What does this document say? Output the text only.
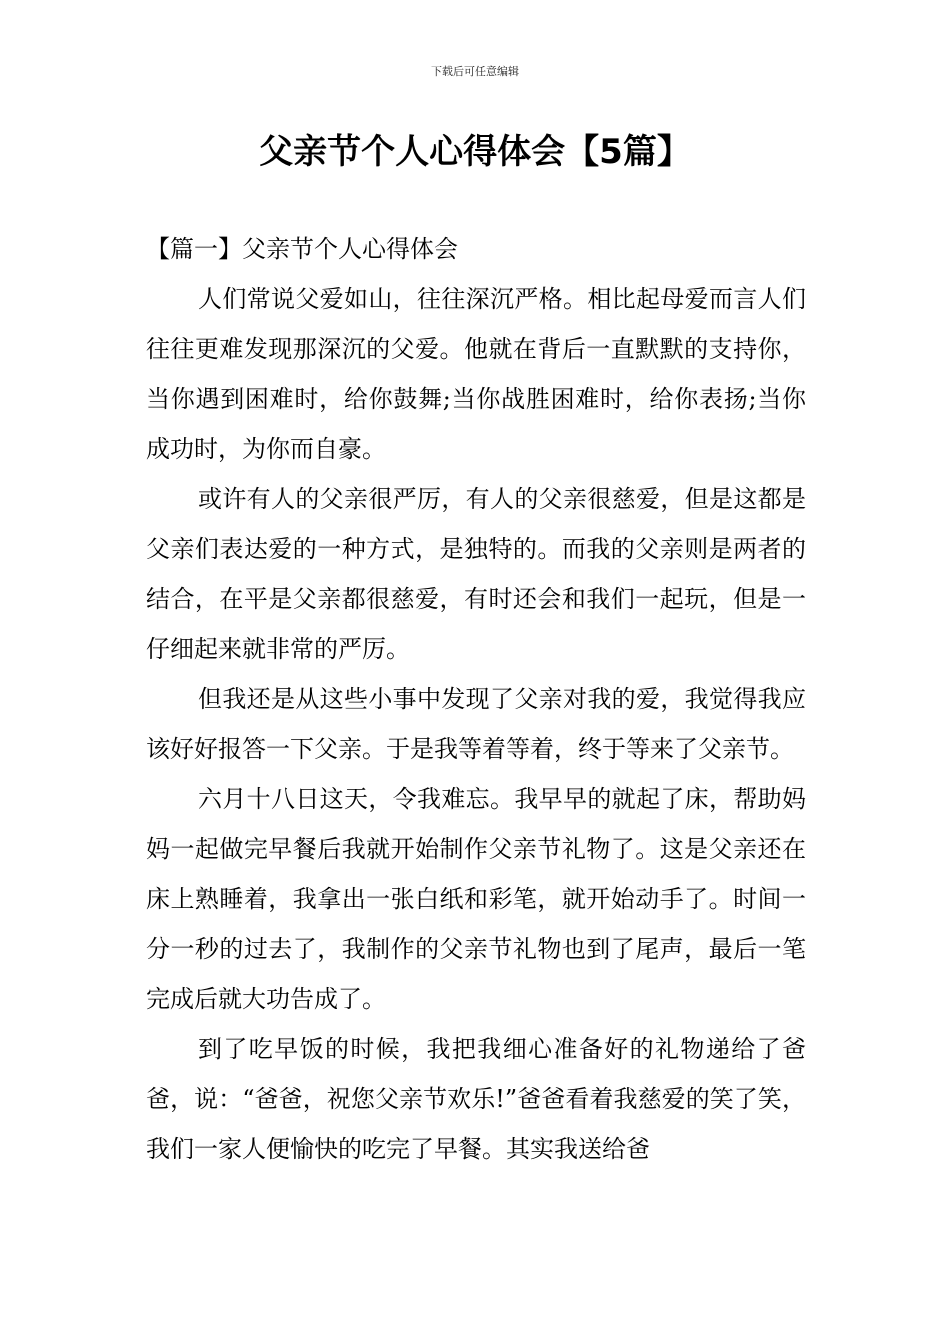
下载后可任意编辑
父亲节个人心得体会【5篇】
【篇一】父亲节个人心得体会

人们常说父爱如山，往往深沉严格。相比起母爱而言人们往往更难发现那深沉的父爱。他就在背后一直默默的支持你，当你遇到困难时，给你鼓舞;当你战胜困难时，给你表扬;当你成功时，为你而自豪。

或许有人的父亲很严厉，有人的父亲很慈爱，但是这都是父亲们表达爱的一种方式，是独特的。而我的父亲则是两者的结合，在平是父亲都很慈爱，有时还会和我们一起玩，但是一仔细起来就非常的严厉。

但我还是从这些小事中发现了父亲对我的爱，我觉得我应该好好报答一下父亲。于是我等着等着，终于等来了父亲节。

六月十八日这天，令我难忘。我早早的就起了床，帮助妈妈一起做完早餐后我就开始制作父亲节礼物了。这是父亲还在床上熟睡着，我拿出一张白纸和彩笔，就开始动手了。时间一分一秒的过去了，我制作的父亲节礼物也到了尾声，最后一笔完成后就大功告成了。

到了吃早饭的时候，我把我细心准备好的礼物递给了爸爸，说：“爸爸，祝您父亲节欢乐!”爸爸看着我慈爱的笑了笑，我们一家人便愉快的吃完了早餐。其实我送给爸
